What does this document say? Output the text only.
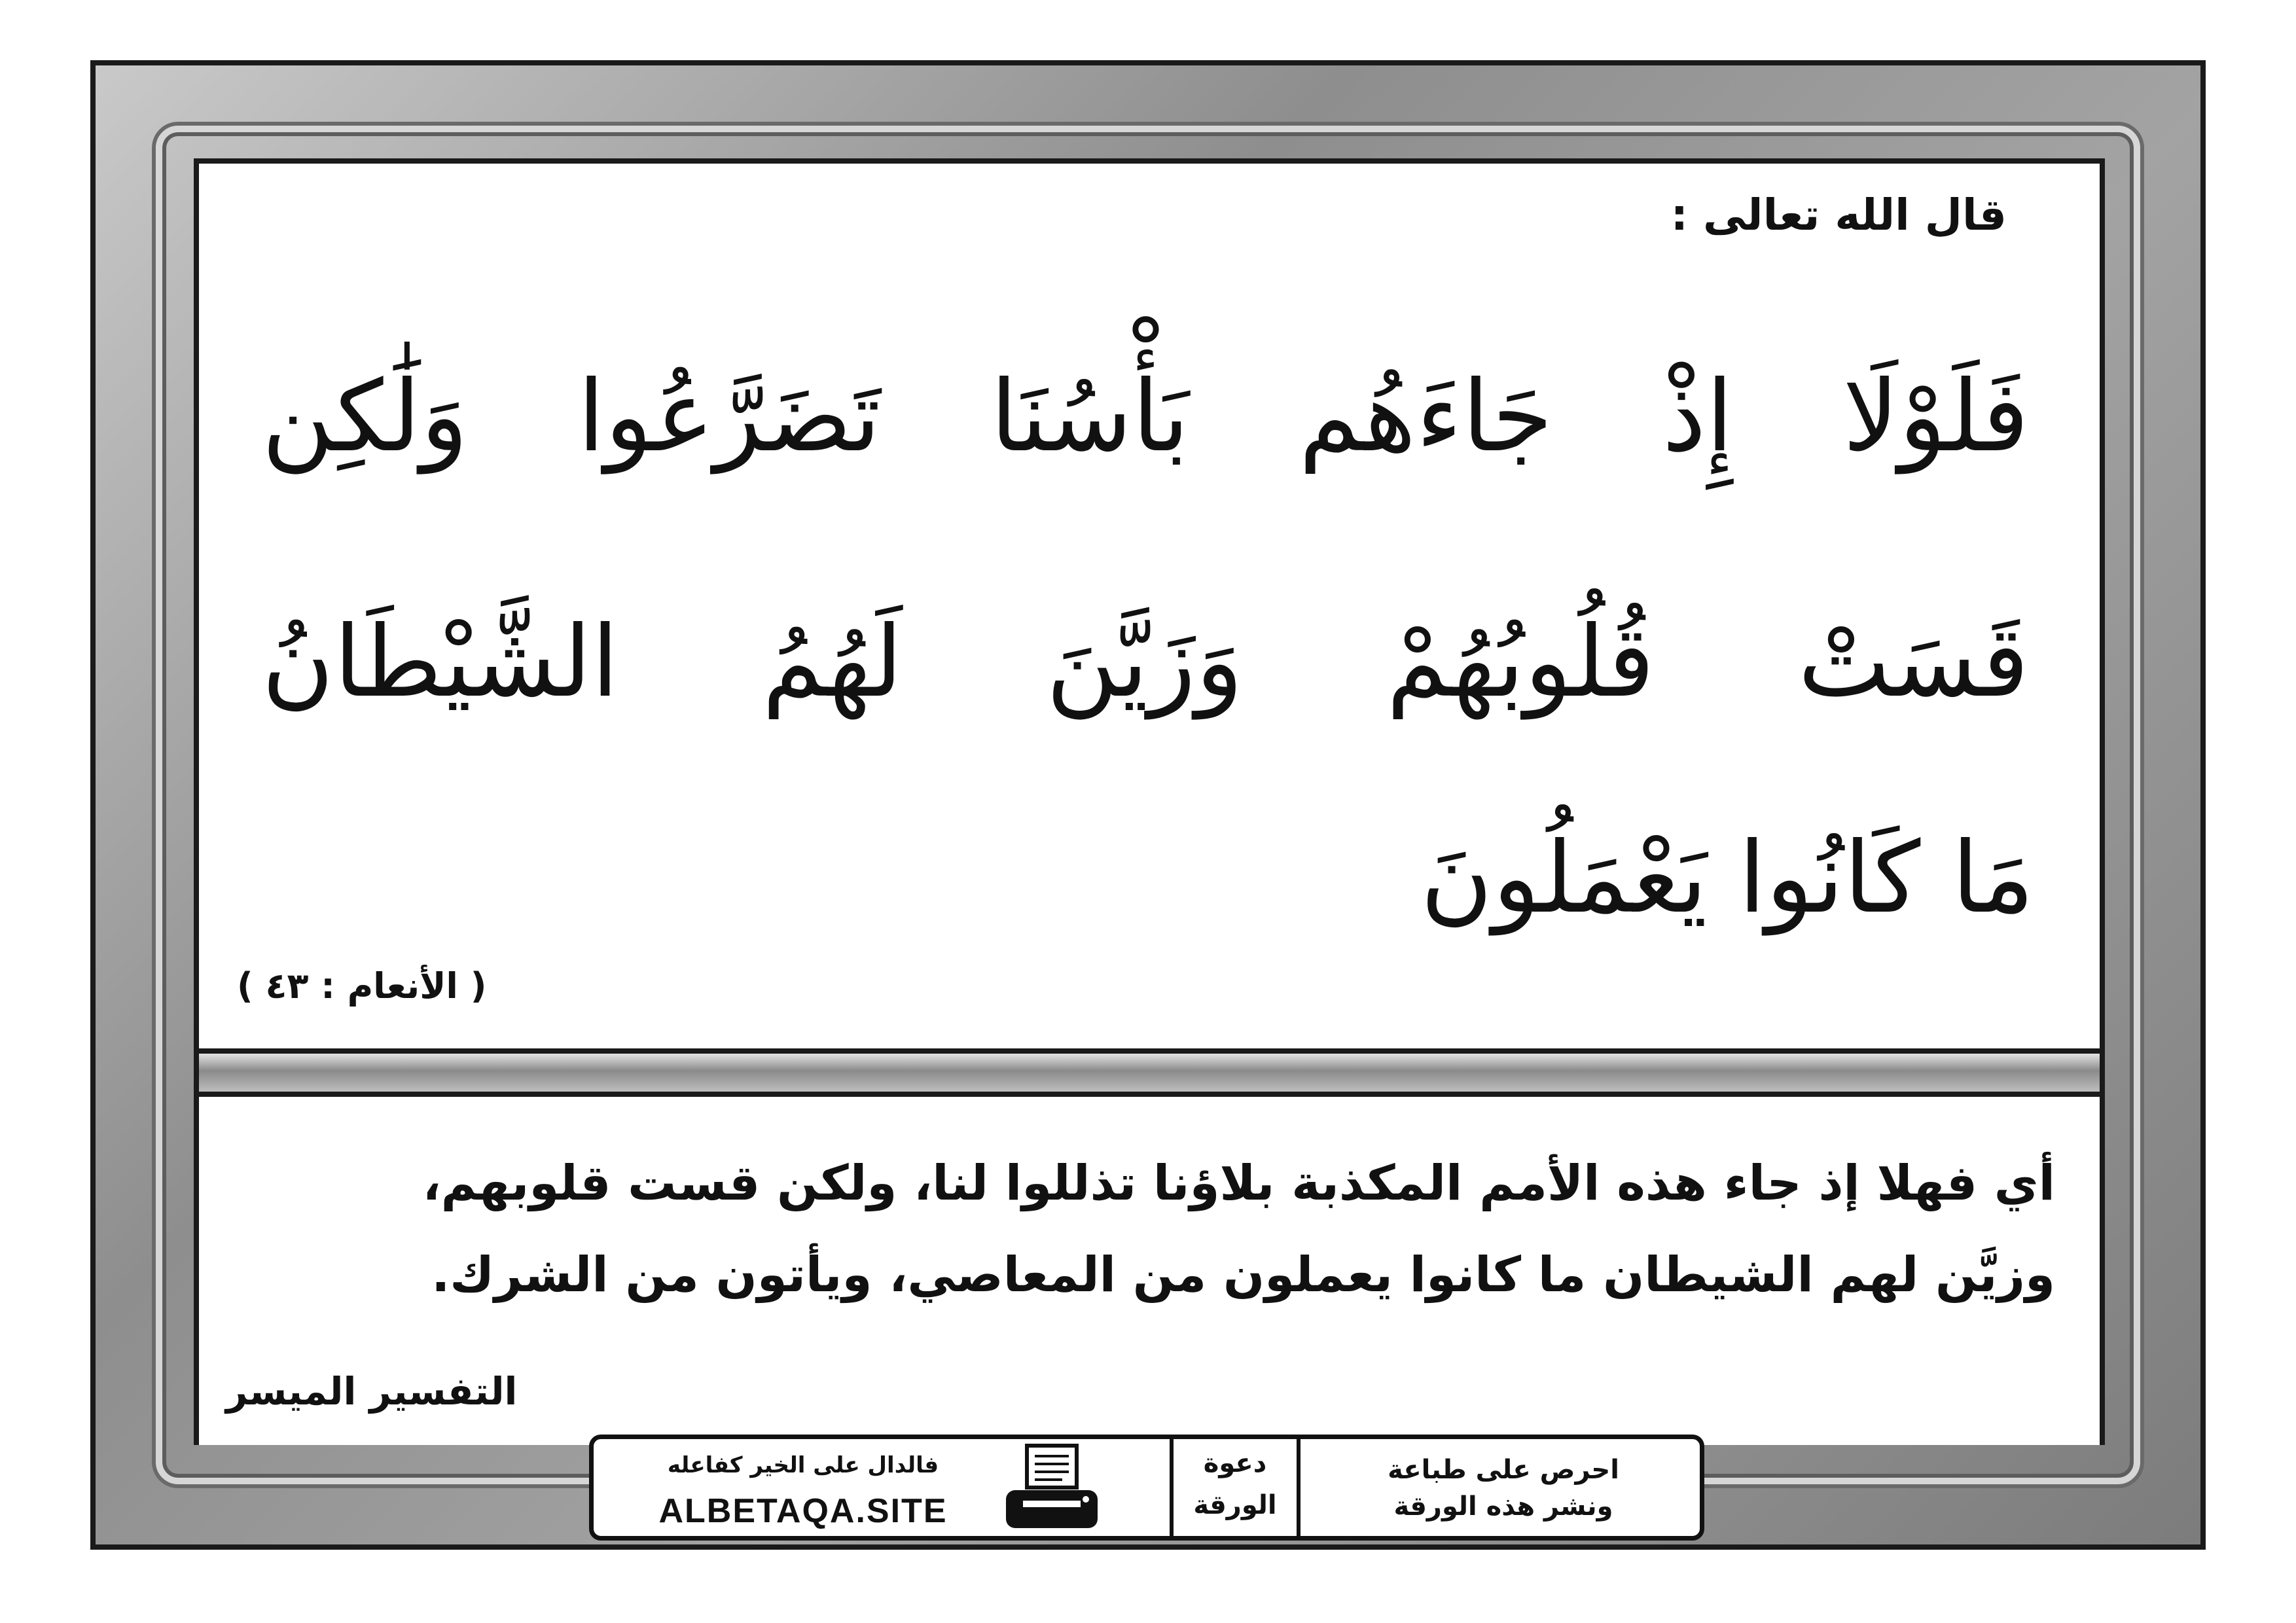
قال الله تعالى :

فَلَوْلَا إِذْ جَاءَهُم بَأْسُنَا تَضَرَّعُوا وَلَٰكِن

قَسَتْ قُلُوبُهُمْ وَزَيَّنَ لَهُمُ الشَّيْطَانُ

مَا كَانُوا يَعْمَلُونَ

( الأنعام : ٤٣ )

أي فهلا إذ جاء هذه الأمم المكذبة بلاؤنا تذللوا لنا، ولكن قست قلوبهم،

وزيَّن لهم الشيطان ما كانوا يعملون من المعاصي، ويأتون من الشرك.

التفسير الميسر

فالدال على الخير كفاعله

ALBETAQA.SITE

دعوة

الورقة

احرص على طباعة

ونشر هذه الورقة
